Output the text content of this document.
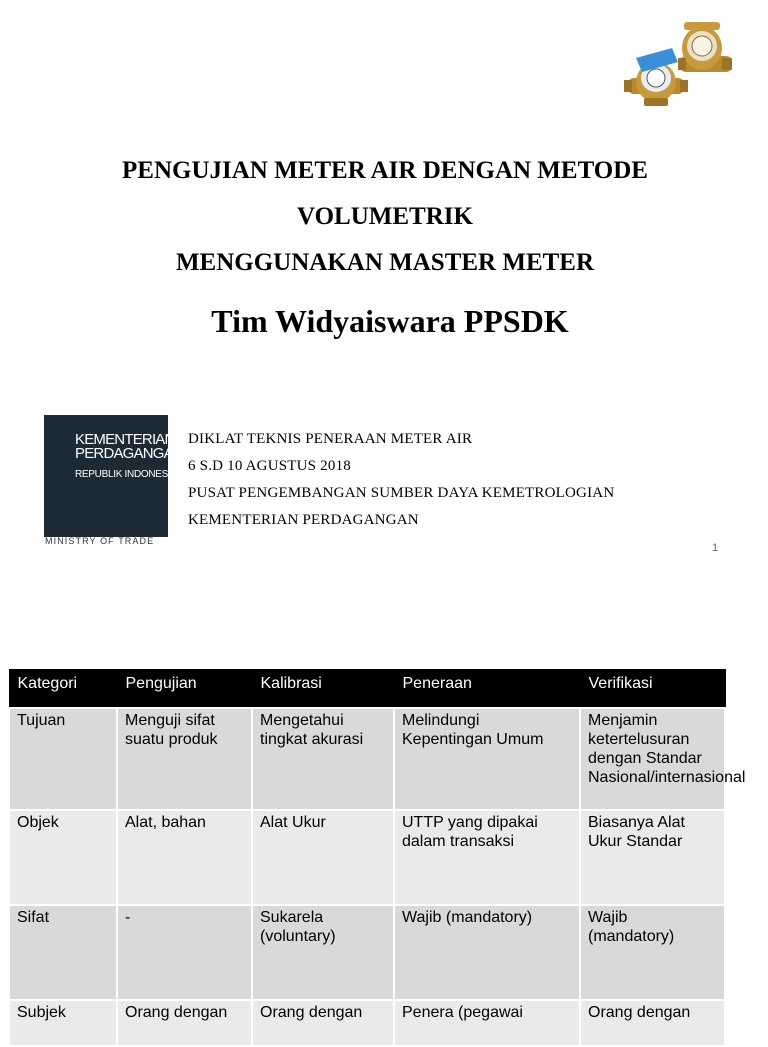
PENGUJIAN METER AIR DENGAN METODE
VOLUMETRIK
MENGGUNAKAN MASTER METER
Tim Widyaiswara PPSDK
KEMENTERIAN
PERDAGANGAN
REPUBLIK INDONESIA
MINISTRY OF TRADE
DIKLAT TEKNIS PENERAAN METER AIR
6 S.D 10 AGUSTUS 2018
PUSAT PENGEMBANGAN SUMBER DAYA KEMETROLOGIAN
KEMENTERIAN PERDAGANGAN
1
Kategori	Pengujian	Kalibrasi	Peneraan	Verifikasi
Tujuan	Menguji sifat suatu produk	Mengetahui tingkat akurasi	Melindungi Kepentingan Umum	Menjamin ketertelusuran dengan Standar Nasional/internasional
Objek	Alat, bahan	Alat Ukur	UTTP yang dipakai dalam transaksi	Biasanya Alat Ukur Standar
Sifat	-	Sukarela (voluntary)	Wajib (mandatory)	Wajib (mandatory)
Subjek	Orang dengan	Orang dengan	Penera (pegawai	Orang dengan
